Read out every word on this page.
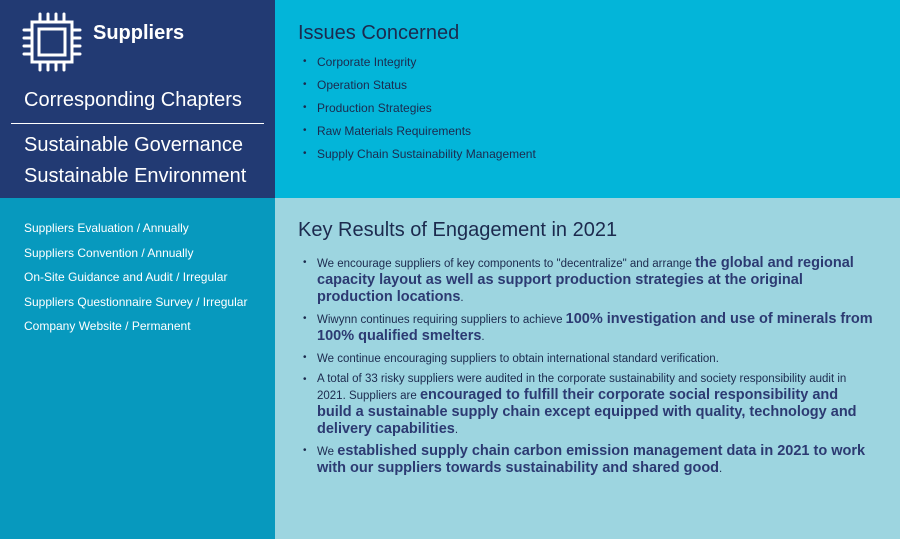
Suppliers
Corresponding Chapters
Sustainable Governance
Sustainable Environment
Issues Concerned
• Corporate Integrity
• Operation Status
• Production Strategies
• Raw Materials Requirements
• Supply Chain Sustainability Management
Suppliers Evaluation / Annually
Suppliers Convention / Annually
On-Site Guidance and Audit / Irregular
Suppliers Questionnaire Survey / Irregular
Company Website / Permanent
Key Results of Engagement in 2021
• We encourage suppliers of key components to "decentralize" and arrange the global and regional capacity layout as well as support production strategies at the original production locations.
• Wiwynn continues requiring suppliers to achieve 100% investigation and use of minerals from 100% qualified smelters.
• We continue encouraging suppliers to obtain international standard verification.
• A total of 33 risky suppliers were audited in the corporate sustainability and society responsibility audit in 2021. Suppliers are encouraged to fulfill their corporate social responsibility and build a sustainable supply chain except equipped with quality, technology and delivery capabilities.
• We established supply chain carbon emission management data in 2021 to work with our suppliers towards sustainability and shared good.
